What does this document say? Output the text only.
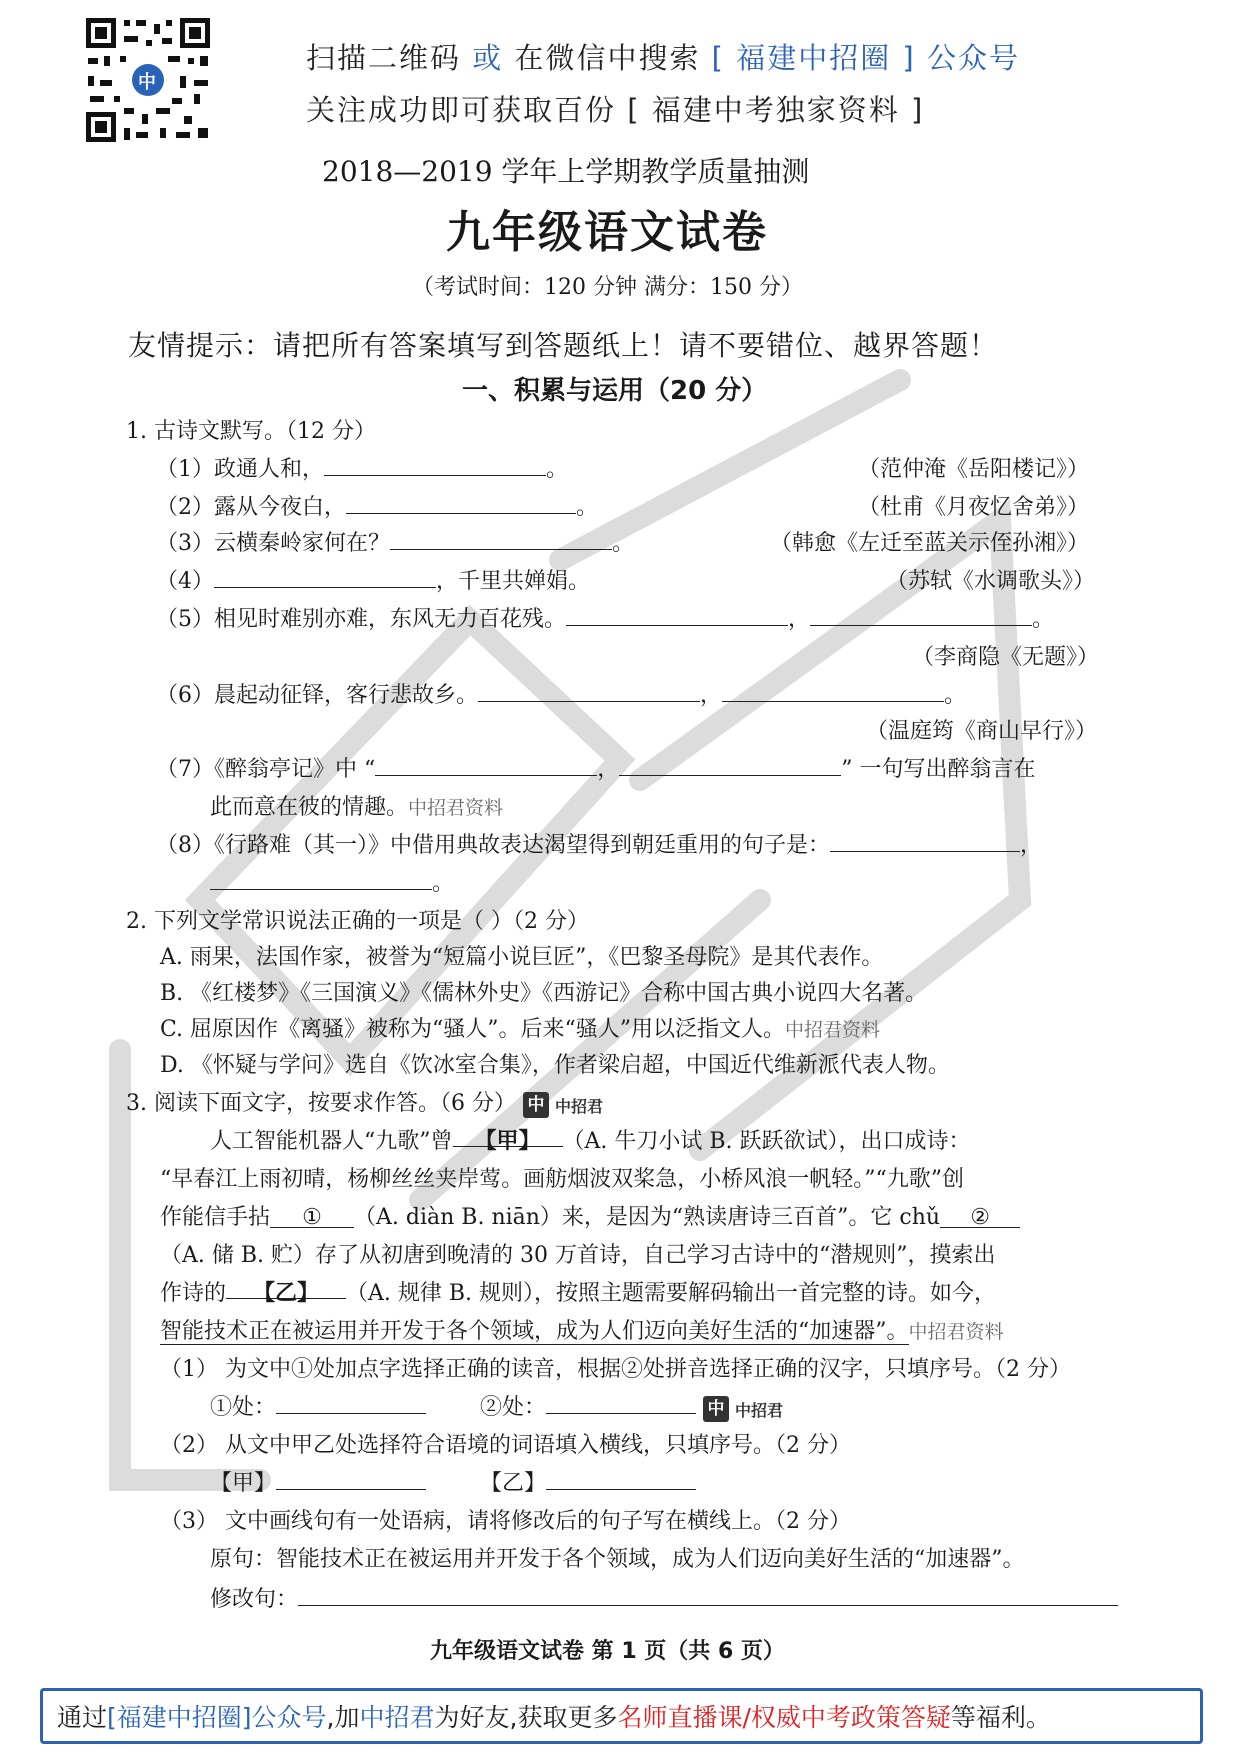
中
扫描二维码 或 在微信中搜索 [ 福建中招圈 ] 公众号
关注成功即可获取百份 [ 福建中考独家资料 ]
2018—2019 学年上学期教学质量抽测
九年级语文试卷
（考试时间：120 分钟 满分：150 分）
友情提示：请把所有答案填写到答题纸上！请不要错位、越界答题！
一、积累与运用（20 分）
1. 古诗文默写。（12 分）
（1）政通人和，	。	（范仲淹《岳阳楼记》）
（2）露从今夜白，	。	（杜甫《月夜忆舍弟》）
（3）云横秦岭家何在？	。	（韩愈《左迁至蓝关示侄孙湘》）
（4）	，千里共婵娟。	（苏轼《水调歌头》）
（5）相见时难别亦难，东风无力百花残。	，	。
（李商隐《无题》）
（6）晨起动征铎，客行悲故乡。	，	。
（温庭筠《商山早行》）
（7）《醉翁亭记》中 “	，	” 一句写出醉翁言在
此而意在彼的情趣。中招君资料
（8）《行路难（其一）》中借用典故表达渴望得到朝廷重用的句子是：	，
。
2. 下列文学常识说法正确的一项是（ ）（2 分）
A. 雨果，法国作家，被誉为“短篇小说巨匠”，《巴黎圣母院》是其代表作。
B. 《红楼梦》《三国演义》《儒林外史》《西游记》合称中国古典小说四大名著。
C. 屈原因作《离骚》被称为“骚人”。后来“骚人”用以泛指文人。中招君资料
D. 《怀疑与学问》选自《饮冰室合集》，作者梁启超，中国近代维新派代表人物。
3. 阅读下面文字，按要求作答。（6 分） 中 中招君
人工智能机器人“九歌”曾 【甲】 （A. 牛刀小试 B. 跃跃欲试），出口成诗：
“早春江上雨初晴，杨柳丝丝夹岸莺。画舫烟波双桨急，小桥风浪一帆轻。”“九歌”创
作能信手拈 ① （A. diàn B. niān）来，是因为“熟读唐诗三百首”。它 chǔ ②
（A. 储 B. 贮）存了从初唐到晚清的 30 万首诗，自己学习古诗中的“潜规则”，摸索出
作诗的 【乙】 （A. 规律 B. 规则），按照主题需要解码输出一首完整的诗。如今，
智能技术正在被运用并开发于各个领域，成为人们迈向美好生活的“加速器”。中招君资料
（1） 为文中①处加点字选择正确的读音，根据②处拼音选择正确的汉字，只填序号。（2 分）
①处：	②处：	中 中招君
（2） 从文中甲乙处选择符合语境的词语填入横线，只填序号。（2 分）
【甲】	【乙】
（3） 文中画线句有一处语病，请将修改后的句子写在横线上。（2 分）
原句：智能技术正在被运用并开发于各个领域，成为人们迈向美好生活的“加速器”。
修改句：
九年级语文试卷 第 1 页（共 6 页）
通过 [福建中招圈]公众号 ,加 中招君 为好友,获取更多 名师直播课/权威中考政策答疑 等福利。
